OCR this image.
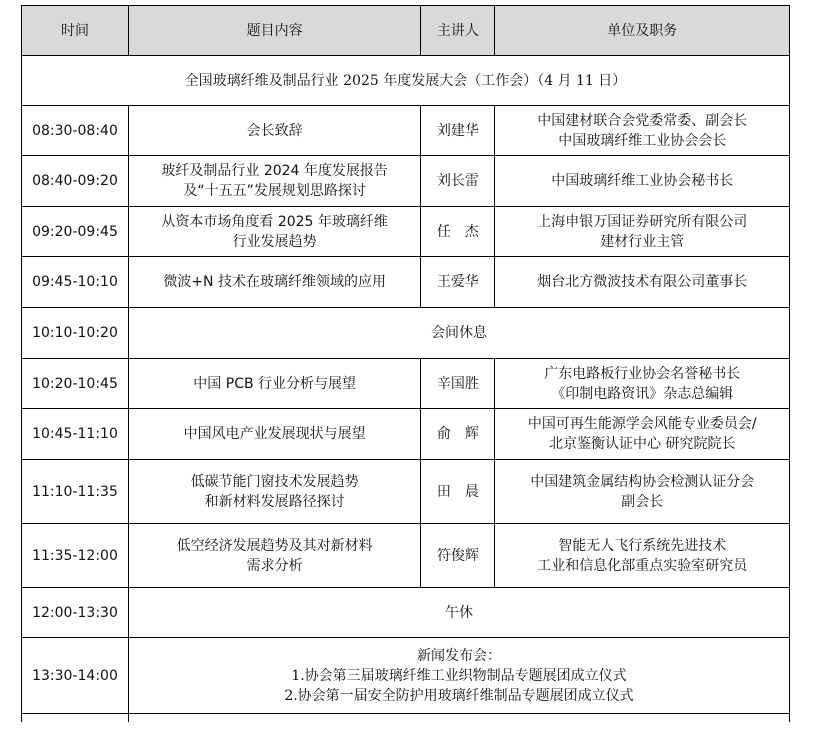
时间	题目内容	主讲人	单位及职务
全国玻璃纤维及制品行业 2025 年度发展大会（工作会）（4 月 11 日）			
08:30-08:40	会长致辞	刘建华	中国建材联合会党委常委、副会长
中国玻璃纤维工业协会会长
08:40-09:20	玻纤及制品行业 2024 年度发展报告
及“十五五”发展规划思路探讨	刘长雷	中国玻璃纤维工业协会秘书长
09:20-09:45	从资本市场角度看 2025 年玻璃纤维
行业发展趋势	任　杰	上海申银万国证券研究所有限公司
建材行业主管
09:45-10:10	微波+N 技术在玻璃纤维领域的应用	王爱华	烟台北方微波技术有限公司董事长
10:10-10:20	会间休息		
10:20-10:45	中国 PCB 行业分析与展望	辛国胜	广东电路板行业协会名誉秘书长
《印制电路资讯》杂志总编辑
10:45-11:10	中国风电产业发展现状与展望	俞　辉	中国可再生能源学会风能专业委员会/
北京鉴衡认证中心 研究院院长
11:10-11:35	低碳节能门窗技术发展趋势
和新材料发展路径探讨	田　晨	中国建筑金属结构协会检测认证分会
副会长
11:35-12:00	低空经济发展趋势及其对新材料
需求分析	符俊辉	智能无人飞行系统先进技术
工业和信息化部重点实验室研究员
12:00-13:30	午休		
13:30-14:00	新闻发布会：
1.协会第三届玻璃纤维工业织物制品专题展团成立仪式
2.协会第一届安全防护用玻璃纤维制品专题展团成立仪式		
